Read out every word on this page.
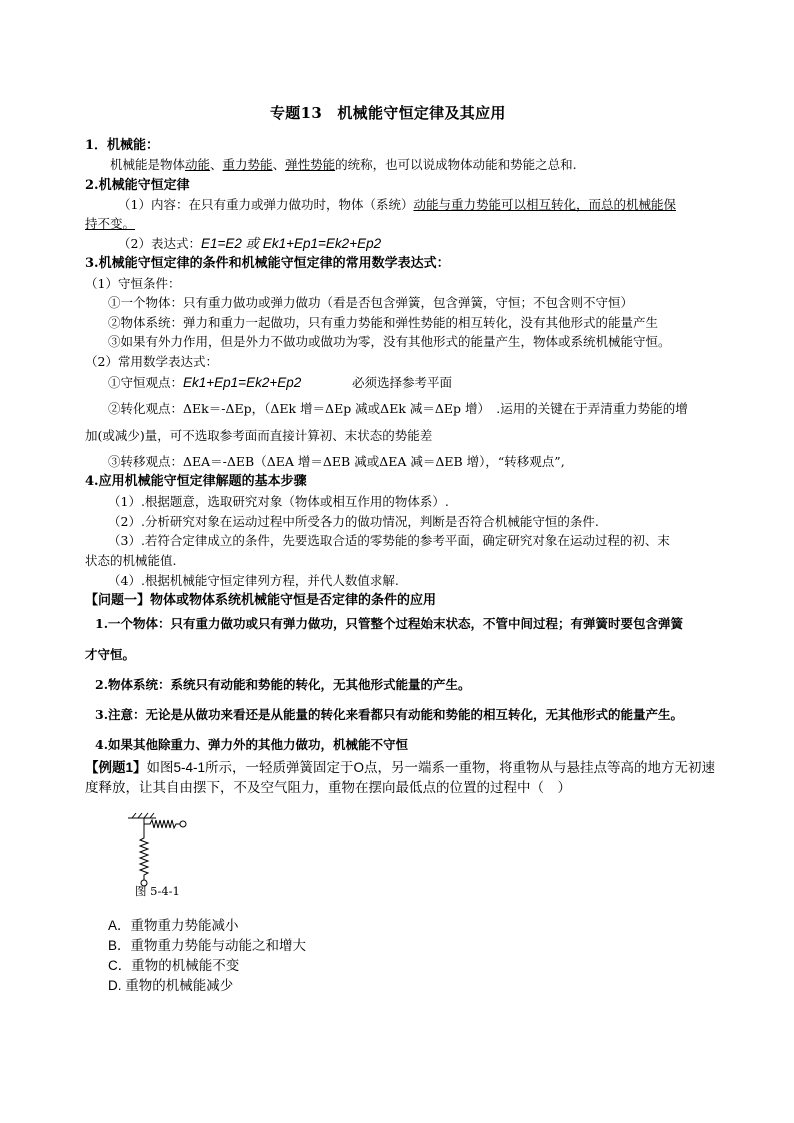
专题13　机械能守恒定律及其应用
1．机械能：
机械能是物体动能、重力势能、弹性势能的统称，也可以说成物体动能和势能之总和.
2.机械能守恒定律
（1）内容：在只有重力或弹力做功时，物体（系统）动能与重力势能可以相互转化，而总的机械能保
持不变。
（2）表达式：E1=E2 或 Ek1+Ep1=Ek2+Ep2
3.机械能守恒定律的条件和机械能守恒定律的常用数学表达式：
（1）守恒条件：
①一个物体：只有重力做功或弹力做功（看是否包含弹簧，包含弹簧，守恒；不包含则不守恒）
②物体系统：弹力和重力一起做功，只有重力势能和弹性势能的相互转化，没有其他形式的能量产生
③如果有外力作用，但是外力不做功或做功为零，没有其他形式的能量产生，物体或系统机械能守恒。
（2）常用数学表达式：
①守恒观点：Ek1+Ep1=Ek2+Ep2	必须选择参考平面
②转化观点：ΔEk＝-ΔEp，（ΔEk 增＝ΔEp 减或ΔEk 减＝ΔEp 增）　.运用的关键在于弄清重力势能的增
加(或减少)量，可不选取参考面而直接计算初、末状态的势能差
③转移观点：ΔEA＝-ΔEB（ΔEA 增＝ΔEB 减或ΔEA 减＝ΔEB 增），“转移观点”,
4.应用机械能守恒定律解题的基本步骤
（1）.根据题意，选取研究对象（物体或相互作用的物体系）.
（2）.分析研究对象在运动过程中所受各力的做功情况，判断是否符合机械能守恒的条件.
（3）.若符合定律成立的条件，先要选取合适的零势能的参考平面，确定研究对象在运动过程的初、末
状态的机械能值.
（4）.根据机械能守恒定律列方程，并代人数值求解.
【问题一】物体或物体系统机械能守恒是否定律的条件的应用
1.一个物体：只有重力做功或只有弹力做功，只管整个过程始末状态，不管中间过程；有弹簧时要包含弹簧
才守恒。
2.物体系统：系统只有动能和势能的转化，无其他形式能量的产生。
3.注意：无论是从做功来看还是从能量的转化来看都只有动能和势能的相互转化，无其他形式的能量产生。
4.如果其他除重力、弹力外的其他力做功，机械能不守恒
【例题1】如图5-4-1所示，一轻质弹簧固定于O点，另一端系一重物，将重物从与悬挂点等高的地方无初速
度释放，让其自由摆下，不及空气阻力，重物在摆向最低点的位置的过程中（　）
图 5-4-1
A．重物重力势能减小
B．重物重力势能与动能之和增大
C．重物的机械能不变
D. 重物的机械能减少
